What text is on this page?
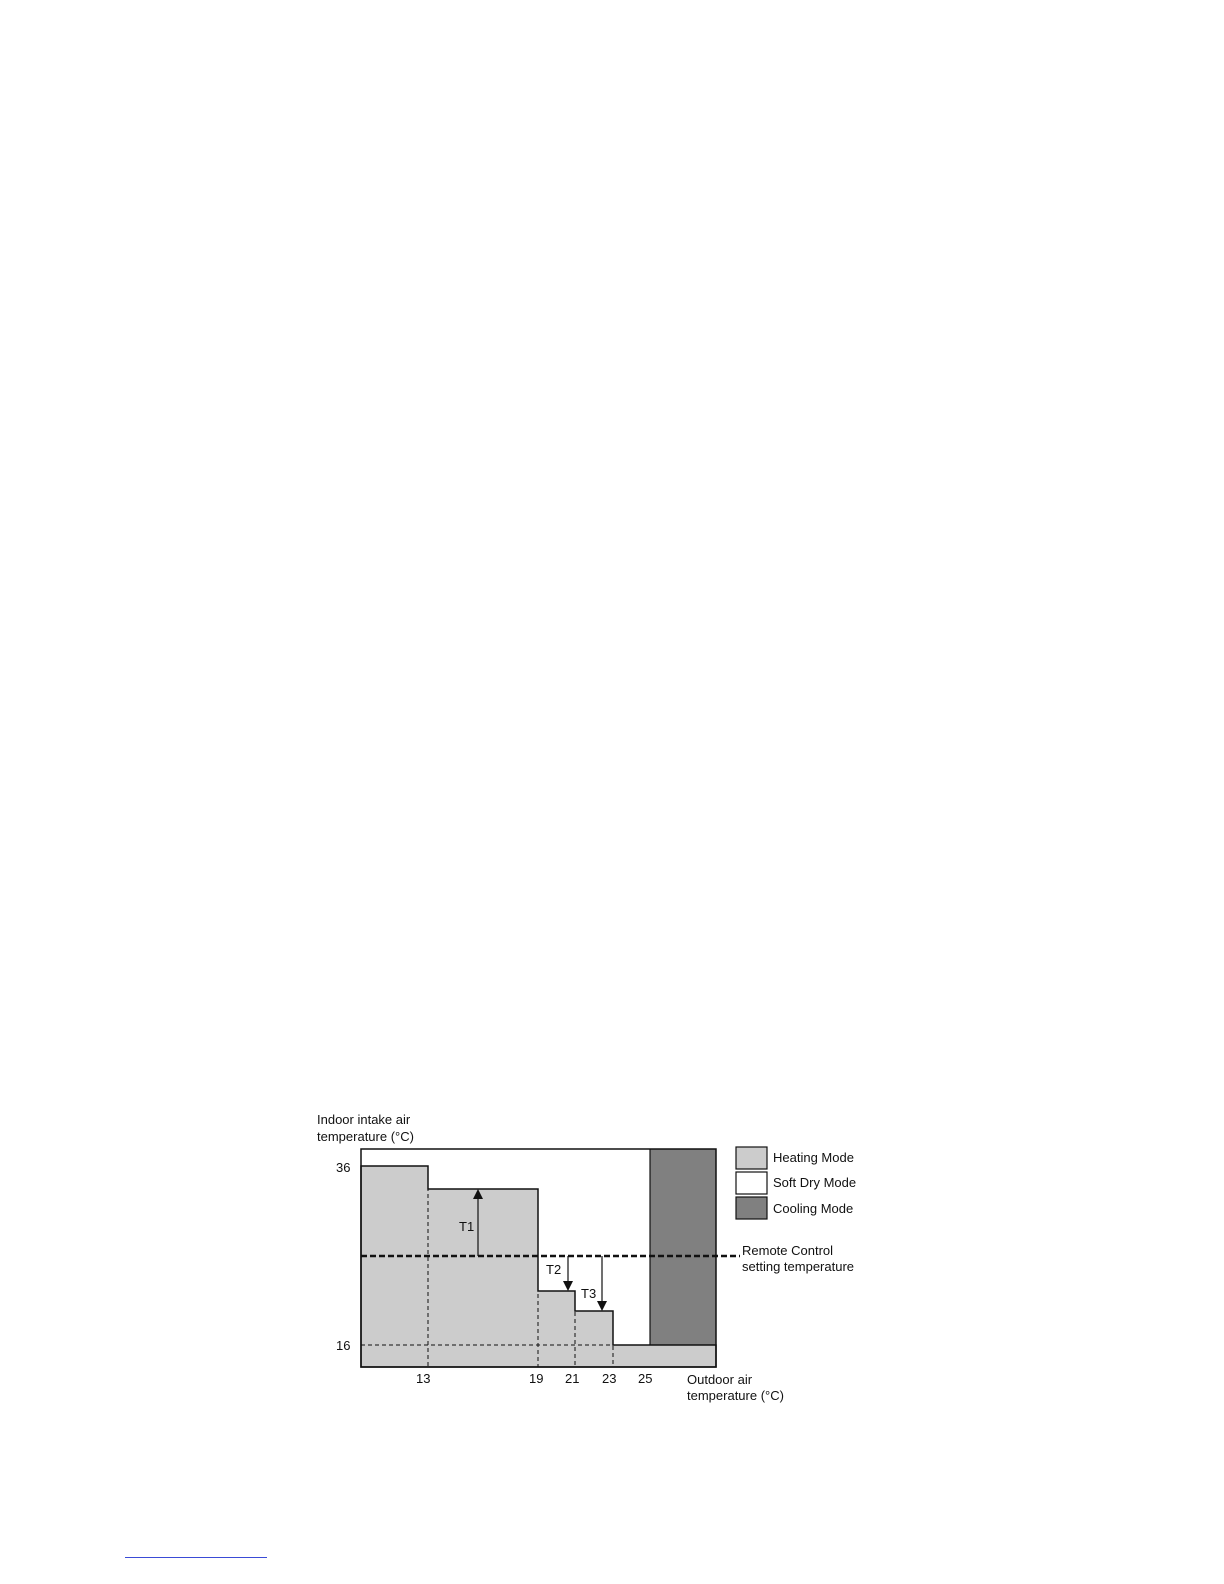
Indoor intake air
temperature (°C)
T1
T2
T3
36
16
13	19 21 23 25	Outdoor air
temperature (°C)
Heating Mode
Soft Dry Mode
Cooling Mode
Remote Control
setting temperature
